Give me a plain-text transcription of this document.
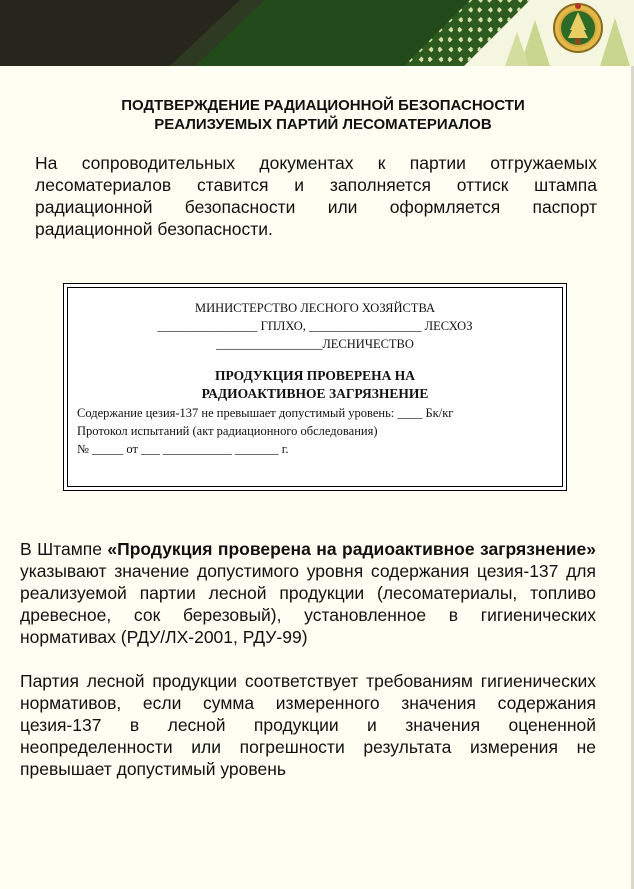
ПОДТВЕРЖДЕНИЕ РАДИАЦИОННОЙ БЕЗОПАСНОСТИ
РЕАЛИЗУЕМЫХ ПАРТИЙ ЛЕСОМАТЕРИАЛОВ

На сопроводительных документах к партии отгружаемых лесоматериалов ставится и заполняется оттиск штампа радиационной безопасности или оформляется паспорт радиационной безопасности.

МИНИСТЕРСТВО ЛЕСНОГО ХОЗЯЙСТВА
________________ ГПЛХО, __________________ ЛЕСХОЗ
_________________ЛЕСНИЧЕСТВО
ПРОДУКЦИЯ ПРОВЕРЕНА НА
РАДИОАКТИВНОЕ ЗАГРЯЗНЕНИЕ
Содержание цезия-137 не превышает допустимый уровень: ____ Бк/кг
Протокол испытаний (акт радиационного обследования)
№ _____ от ___ ___________ _______ г.

В Штампе «Продукция проверена на радиоактивное загрязнение» указывают значение допустимого уровня содержания цезия-137 для реализуемой партии лесной продукции (лесоматериалы, топливо древесное, сок березовый), установленное в гигиенических нормативах (РДУ/ЛХ-2001, РДУ-99)

Партия лесной продукции соответствует требованиям гигиенических нормативов, если сумма измеренного значения содержания цезия-137 в лесной продукции и значения оцененной неопределенности или погрешности результата измерения не превышает допустимый уровень
